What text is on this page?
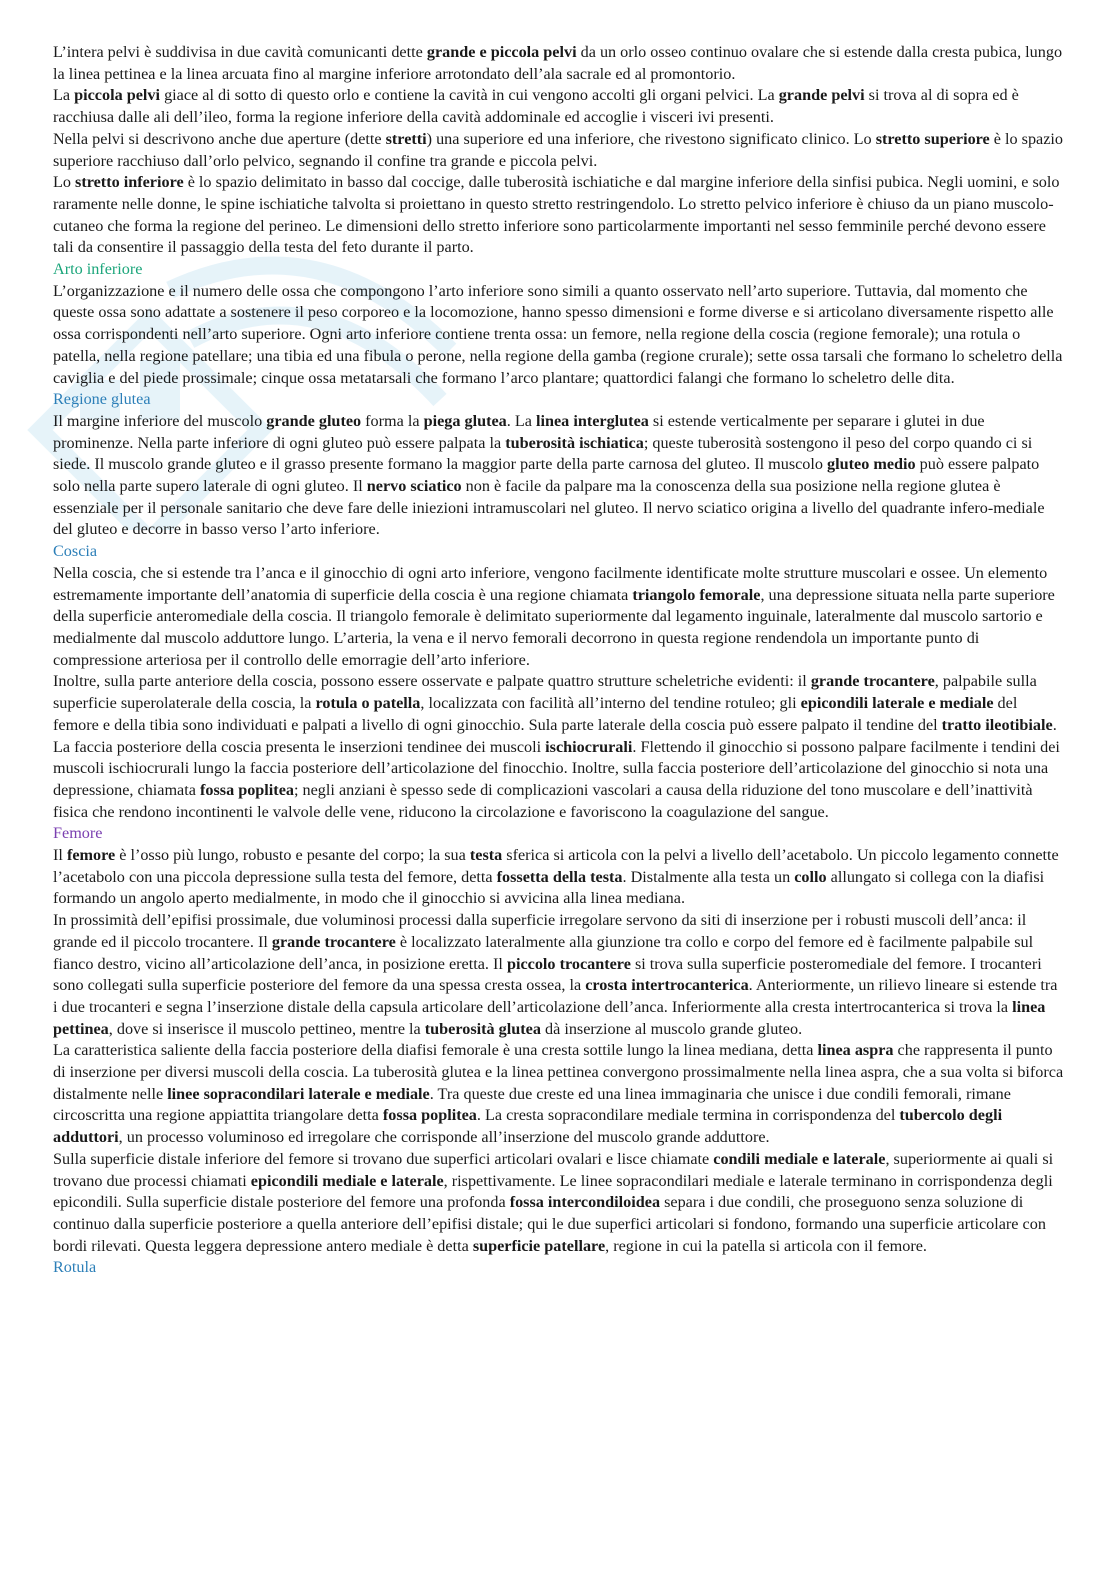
L’intera pelvi è suddivisa in due cavità comunicanti dette grande e piccola pelvi da un orlo osseo continuo ovalare che si estende dalla cresta pubica, lungo la linea pettinea e la linea arcuata fino al margine inferiore arrotondato dell’ala sacrale ed al promontorio.

La piccola pelvi giace al di sotto di questo orlo e contiene la cavità in cui vengono accolti gli organi pelvici. La grande pelvi si trova al di sopra ed è racchiusa dalle ali dell’ileo, forma la regione inferiore della cavità addominale ed accoglie i visceri ivi presenti.

Nella pelvi si descrivono anche due aperture (dette stretti) una superiore ed una inferiore, che rivestono significato clinico. Lo stretto superiore è lo spazio superiore racchiuso dall’orlo pelvico, segnando il confine tra grande e piccola pelvi.

Lo stretto inferiore è lo spazio delimitato in basso dal coccige, dalle tuberosità ischiatiche e dal margine inferiore della sinfisi pubica. Negli uomini, e solo raramente nelle donne, le spine ischiatiche talvolta si proiettano in questo stretto restringendolo. Lo stretto pelvico inferiore è chiuso da un piano muscolo-cutaneo che forma la regione del perineo. Le dimensioni dello stretto inferiore sono particolarmente importanti nel sesso femminile perché devono essere tali da consentire il passaggio della testa del feto durante il parto.

Arto inferiore

L’organizzazione e il numero delle ossa che compongono l’arto inferiore sono simili a quanto osservato nell’arto superiore. Tuttavia, dal momento che queste ossa sono adattate a sostenere il peso corporeo e la locomozione, hanno spesso dimensioni e forme diverse e si articolano diversamente rispetto alle ossa corrispondenti nell’arto superiore. Ogni arto inferiore contiene trenta ossa: un femore, nella regione della coscia (regione femorale); una rotula o patella, nella regione patellare; una tibia ed una fibula o perone, nella regione della gamba (regione crurale); sette ossa tarsali che formano lo scheletro della caviglia e del piede prossimale; cinque ossa metatarsali che formano l’arco plantare; quattordici falangi che formano lo scheletro delle dita.

Regione glutea

Il margine inferiore del muscolo grande gluteo forma la piega glutea. La linea interglutea si estende verticalmente per separare i glutei in due prominenze. Nella parte inferiore di ogni gluteo può essere palpata la tuberosità ischiatica; queste tuberosità sostengono il peso del corpo quando ci si siede. Il muscolo grande gluteo e il grasso presente formano la maggior parte della parte carnosa del gluteo. Il muscolo gluteo medio può essere palpato solo nella parte supero laterale di ogni gluteo. Il nervo sciatico non è facile da palpare ma la conoscenza della sua posizione nella regione glutea è essenziale per il personale sanitario che deve fare delle iniezioni intramuscolari nel gluteo. Il nervo sciatico origina a livello del quadrante infero-mediale del gluteo e decorre in basso verso l’arto inferiore.

Coscia

Nella coscia, che si estende tra l’anca e il ginocchio di ogni arto inferiore, vengono facilmente identificate molte strutture muscolari e ossee. Un elemento estremamente importante dell’anatomia di superficie della coscia è una regione chiamata triangolo femorale, una depressione situata nella parte superiore della superficie anteromediale della coscia. Il triangolo femorale è delimitato superiormente dal legamento inguinale, lateralmente dal muscolo sartorio e medialmente dal muscolo adduttore lungo. L’arteria, la vena e il nervo femorali decorrono in questa regione rendendola un importante punto di compressione arteriosa per il controllo delle emorragie dell’arto inferiore.

Inoltre, sulla parte anteriore della coscia, possono essere osservate e palpate quattro strutture scheletriche evidenti: il grande trocantere, palpabile sulla superficie superolaterale della coscia, la rotula o patella, localizzata con facilità all’interno del tendine rotuleo; gli epicondili laterale e mediale del femore e della tibia sono individuati e palpati a livello di ogni ginocchio. Sula parte laterale della coscia può essere palpato il tendine del tratto ileotibiale.

La faccia posteriore della coscia presenta le inserzioni tendinee dei muscoli ischiocrurali. Flettendo il ginocchio si possono palpare facilmente i tendini dei muscoli ischiocrurali lungo la faccia posteriore dell’articolazione del finocchio. Inoltre, sulla faccia posteriore dell’articolazione del ginocchio si nota una depressione, chiamata fossa poplitea; negli anziani è spesso sede di complicazioni vascolari a causa della riduzione del tono muscolare e dell’inattività fisica che rendono incontinenti le valvole delle vene, riducono la circolazione e favoriscono la coagulazione del sangue.

Femore

Il femore è l’osso più lungo, robusto e pesante del corpo; la sua testa sferica si articola con la pelvi a livello dell’acetabolo. Un piccolo legamento connette l’acetabolo con una piccola depressione sulla testa del femore, detta fossetta della testa. Distalmente alla testa un collo allungato si collega con la diafisi formando un angolo aperto medialmente, in modo che il ginocchio si avvicina alla linea mediana.

In prossimità dell’epifisi prossimale, due voluminosi processi dalla superficie irregolare servono da siti di inserzione per i robusti muscoli dell’anca: il grande ed il piccolo trocantere. Il grande trocantere è localizzato lateralmente alla giunzione tra collo e corpo del femore ed è facilmente palpabile sul fianco destro, vicino all’articolazione dell’anca, in posizione eretta. Il piccolo trocantere si trova sulla superficie posteromediale del femore. I trocanteri sono collegati sulla superficie posteriore del femore da una spessa cresta ossea, la crosta intertrocanterica. Anteriormente, un rilievo lineare si estende tra i due trocanteri e segna l’inserzione distale della capsula articolare dell’articolazione dell’anca. Inferiormente alla cresta intertrocanterica si trova la linea pettinea, dove si inserisce il muscolo pettineo, mentre la tuberosità glutea dà inserzione al muscolo grande gluteo.

La caratteristica saliente della faccia posteriore della diafisi femorale è una cresta sottile lungo la linea mediana, detta linea aspra che rappresenta il punto di inserzione per diversi muscoli della coscia. La tuberosità glutea e la linea pettinea convergono prossimalmente nella linea aspra, che a sua volta si biforca distalmente nelle linee sopracondilari laterale e mediale. Tra queste due creste ed una linea immaginaria che unisce i due condili femorali, rimane circoscritta una regione appiattita triangolare detta fossa poplitea. La cresta sopracondilare mediale termina in corrispondenza del tubercolo degli adduttori, un processo voluminoso ed irregolare che corrisponde all’inserzione del muscolo grande adduttore.

Sulla superficie distale inferiore del femore si trovano due superfici articolari ovalari e lisce chiamate condili mediale e laterale, superiormente ai quali si trovano due processi chiamati epicondili mediale e laterale, rispettivamente. Le linee sopracondilari mediale e laterale terminano in corrispondenza degli epicondili. Sulla superficie distale posteriore del femore una profonda fossa intercondiloidea separa i due condili, che proseguono senza soluzione di continuo dalla superficie posteriore a quella anteriore dell’epifisi distale; qui le due superfici articolari si fondono, formando una superficie articolare con bordi rilevati. Questa leggera depressione antero mediale è detta superficie patellare, regione in cui la patella si articola con il femore.

Rotula
